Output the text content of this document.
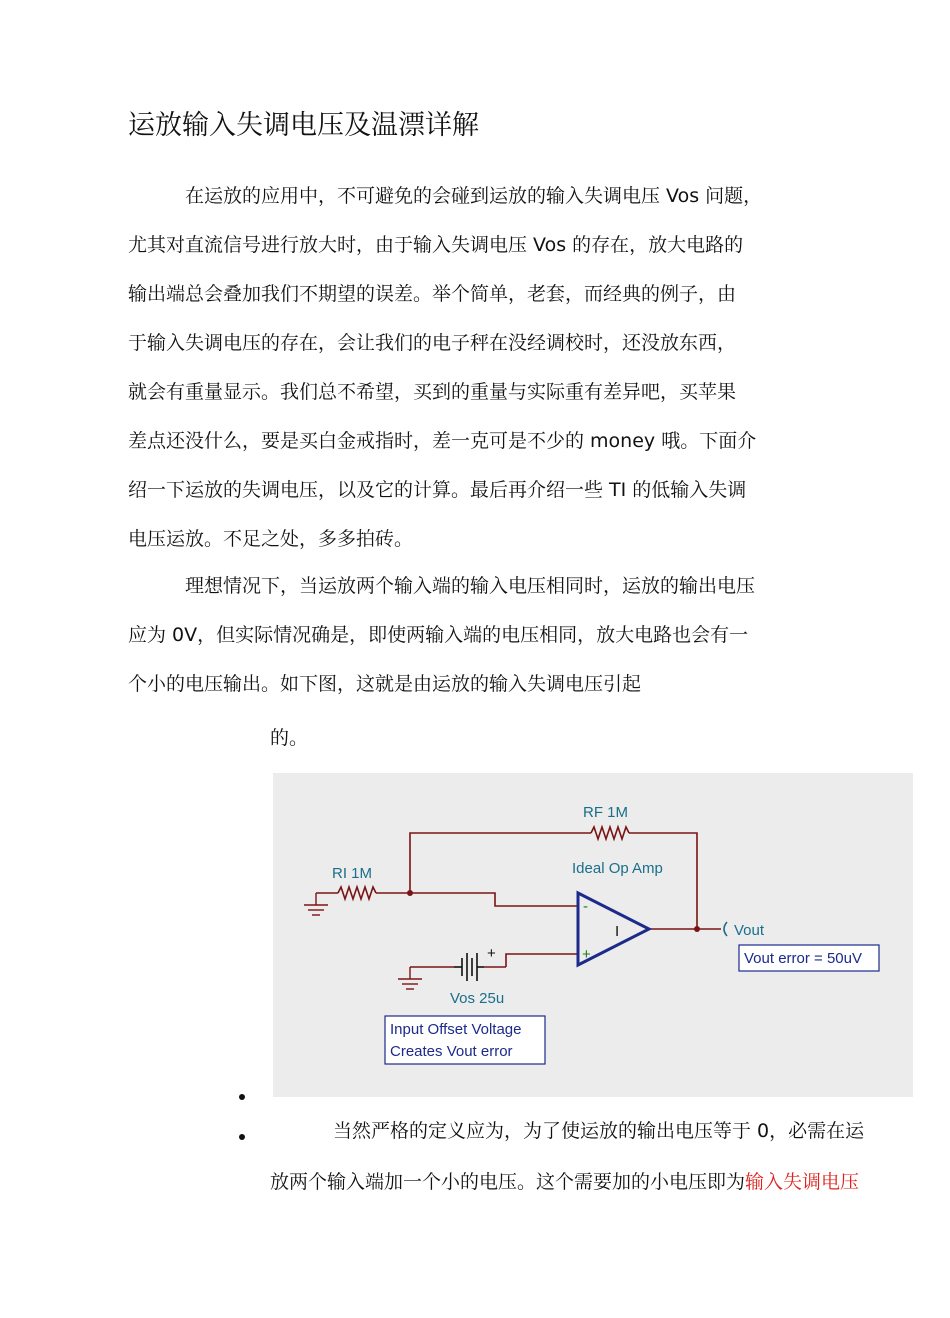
运放输入失调电压及温漂详解
在运放的应用中，不可避免的会碰到运放的输入失调电压 Vos 问题，
尤其对直流信号进行放大时，由于输入失调电压 Vos 的存在，放大电路的
输出端总会叠加我们不期望的误差。举个简单，老套，而经典的例子，由
于输入失调电压的存在，会让我们的电子秤在没经调校时，还没放东西，
就会有重量显示。我们总不希望，买到的重量与实际重有差异吧，买苹果
差点还没什么，要是买白金戒指时，差一克可是不少的 money 哦。下面介
绍一下运放的失调电压，以及它的计算。最后再介绍一些 TI 的低输入失调
电压运放。不足之处，多多拍砖。
理想情况下，当运放两个输入端的输入电压相同时，运放的输出电压
应为 0V，但实际情况确是，即使两输入端的电压相同，放大电路也会有一
个小的电压输出。如下图，这就是由运放的输入失调电压引起
的。
+
-
+
I
RF 1M
RI 1M	Ideal Op Amp
Vout
Vos 25u
Vout error = 50uV
Input Offset Voltage
Creates Vout error
当然严格的定义应为，为了使运放的输出电压等于 0，必需在运
放两个输入端加一个小的电压。这个需要加的小电压即为输入失调电压
